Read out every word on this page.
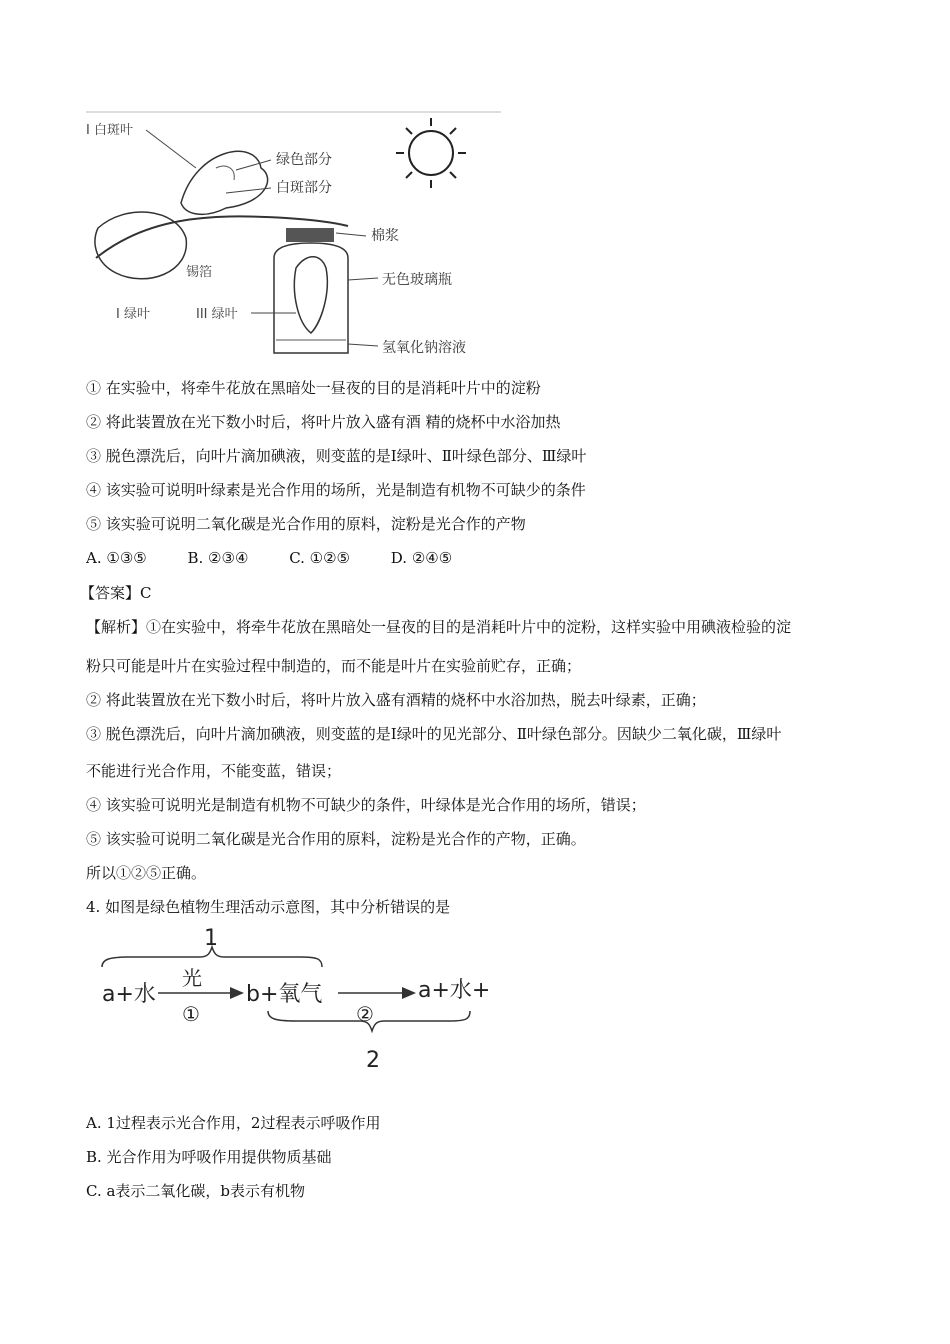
I 白斑叶
绿色部分
白斑部分
棉浆
无色玻璃瓶
锡箔
氢氧化钠溶液
I 绿叶	III 绿叶
① 在实验中，将牵牛花放在黑暗处一昼夜的目的是消耗叶片中的淀粉
② 将此装置放在光下数小时后，将叶片放入盛有酒 精的烧杯中水浴加热
③ 脱色漂洗后，向叶片滴加碘液，则变蓝的是Ⅰ绿叶、Ⅱ叶绿色部分、Ⅲ绿叶
④ 该实验可说明叶绿素是光合作用的场所，光是制造有机物不可缺少的条件
⑤ 该实验可说明二氧化碳是光合作用的原料，淀粉是光合作的产物
A. ①③⑤	B. ②③④	C. ①②⑤	D. ②④⑤
【答案】C
【解析】①在实验中，将牵牛花放在黑暗处一昼夜的目的是消耗叶片中的淀粉，这样实验中用碘液检验的淀
粉只可能是叶片在实验过程中制造的，而不能是叶片在实验前贮存，正确；
② 将此装置放在光下数小时后，将叶片放入盛有酒精的烧杯中水浴加热，脱去叶绿素，正确；
③ 脱色漂洗后，向叶片滴加碘液，则变蓝的是Ⅰ绿叶的见光部分、Ⅱ叶绿色部分。因缺少二氧化碳，Ⅲ绿叶
不能进行光合作用，不能变蓝，错误；
④ 该实验可说明光是制造有机物不可缺少的条件，叶绿体是光合作用的场所，错误；
⑤ 该实验可说明二氧化碳是光合作用的原料，淀粉是光合作的产物，正确。
所以①②⑤正确。
4. 如图是绿色植物生理活动示意图，其中分析错误的是
1
a+水
光
①
b+氧气
②
a+水+
2
A. 1过程表示光合作用，2过程表示呼吸作用
B. 光合作用为呼吸作用提供物质基础
C. a表示二氧化碳，b表示有机物
